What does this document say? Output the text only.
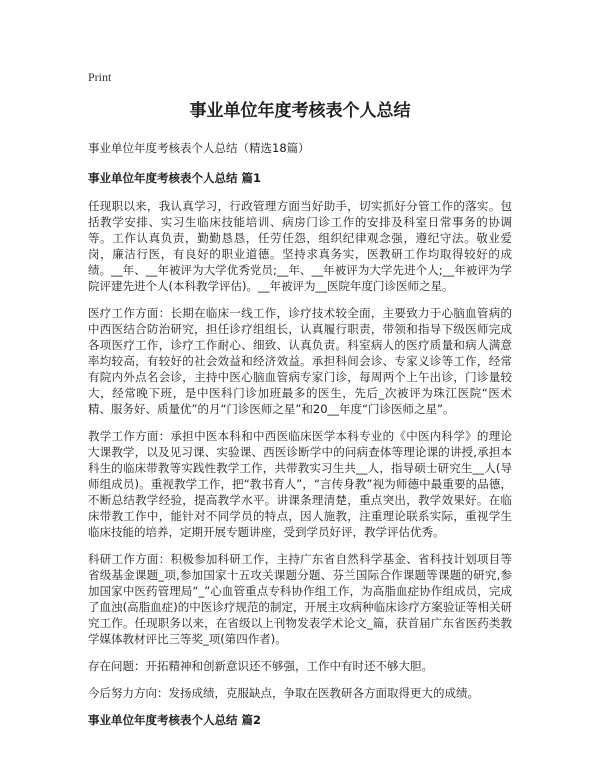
Print
事业单位年度考核表个人总结
事业单位年度考核表个人总结（精选18篇）
事业单位年度考核表个人总结 篇1

任现职以来，我认真学习，行政管理方面当好助手，切实抓好分管工作的落实。包括教学安排、实习生临床技能培训、病房门诊工作的安排及科室日常事务的协调等。工作认真负责，勤勤恳恳，任劳任怨，组织纪律观念强，遵纪守法。敬业爱岗，廉洁行医，有良好的职业道德。坚持求真务实，医教研工作均取得较好的成绩。__年、__年被评为大学优秀党员;__年、__年被评为大学先进个人;__年被评为学院评建先进个人(本科教学评估)。__年被评为__医院年度门诊医师之星。

医疗工作方面：长期在临床一线工作，诊疗技术较全面，主要致力于心脑血管病的中西医结合防治研究，担任诊疗组组长，认真履行职责，带领和指导下级医师完成各项医疗工作，诊疗工作耐心、细致、认真负责。科室病人的医疗质量和病人满意率均较高，有较好的社会效益和经济效益。承担科间会诊、专家义诊等工作，经常有院内外点名会诊，主持中医心脑血管病专家门诊，每周两个上午出诊，门诊量较大，经常晚下班，是中医科门诊加班最多的医生，先后_次被评为珠江医院“医术精、服务好、质量优”的月“门诊医师之星”和20__年度“门诊医师之星”。

教学工作方面：承担中医本科和中西医临床医学本科专业的《中医内科学》的理论大课教学，以及见习课、实验课、西医诊断学中的问病查体等理论课的讲授,承担本科生的临床带教等实践性教学工作，共带教实习生共__人，指导硕士研究生__人(导师组成员)。重视教学工作，把“教书育人”，“言传身教”视为师德中最重要的品德，不断总结教学经验，提高教学水平。讲课条理清楚，重点突出，教学效果好。在临床带教工作中，能针对不同学员的特点，因人施教，注重理论联系实际，重视学生临床技能的培养，定期开展专题讲座，受到学员好评，教学评估优秀。

科研工作方面：积极参加科研工作，主持广东省自然科学基金、省科技计划项目等省级基金课题_项,参加国家十五攻关课题分题、芬兰国际合作课题等课题的研究,参加国家中医药管理局“_”心血管重点专科协作组工作，为高脂血症协作组成员，完成了血浊(高脂血症)的中医诊疗规范的制定，开展主攻病种临床诊疗方案验证等相关研究工作。任现职务以来，在省级以上刊物发表学术论文_篇，获首届广东省医药类教学媒体教材评比三等奖_项(第四作者)。

存在问题：开拓精神和创新意识还不够强，工作中有时还不够大胆。

今后努力方向：发扬成绩，克服缺点，争取在医教研各方面取得更大的成绩。

事业单位年度考核表个人总结 篇2
